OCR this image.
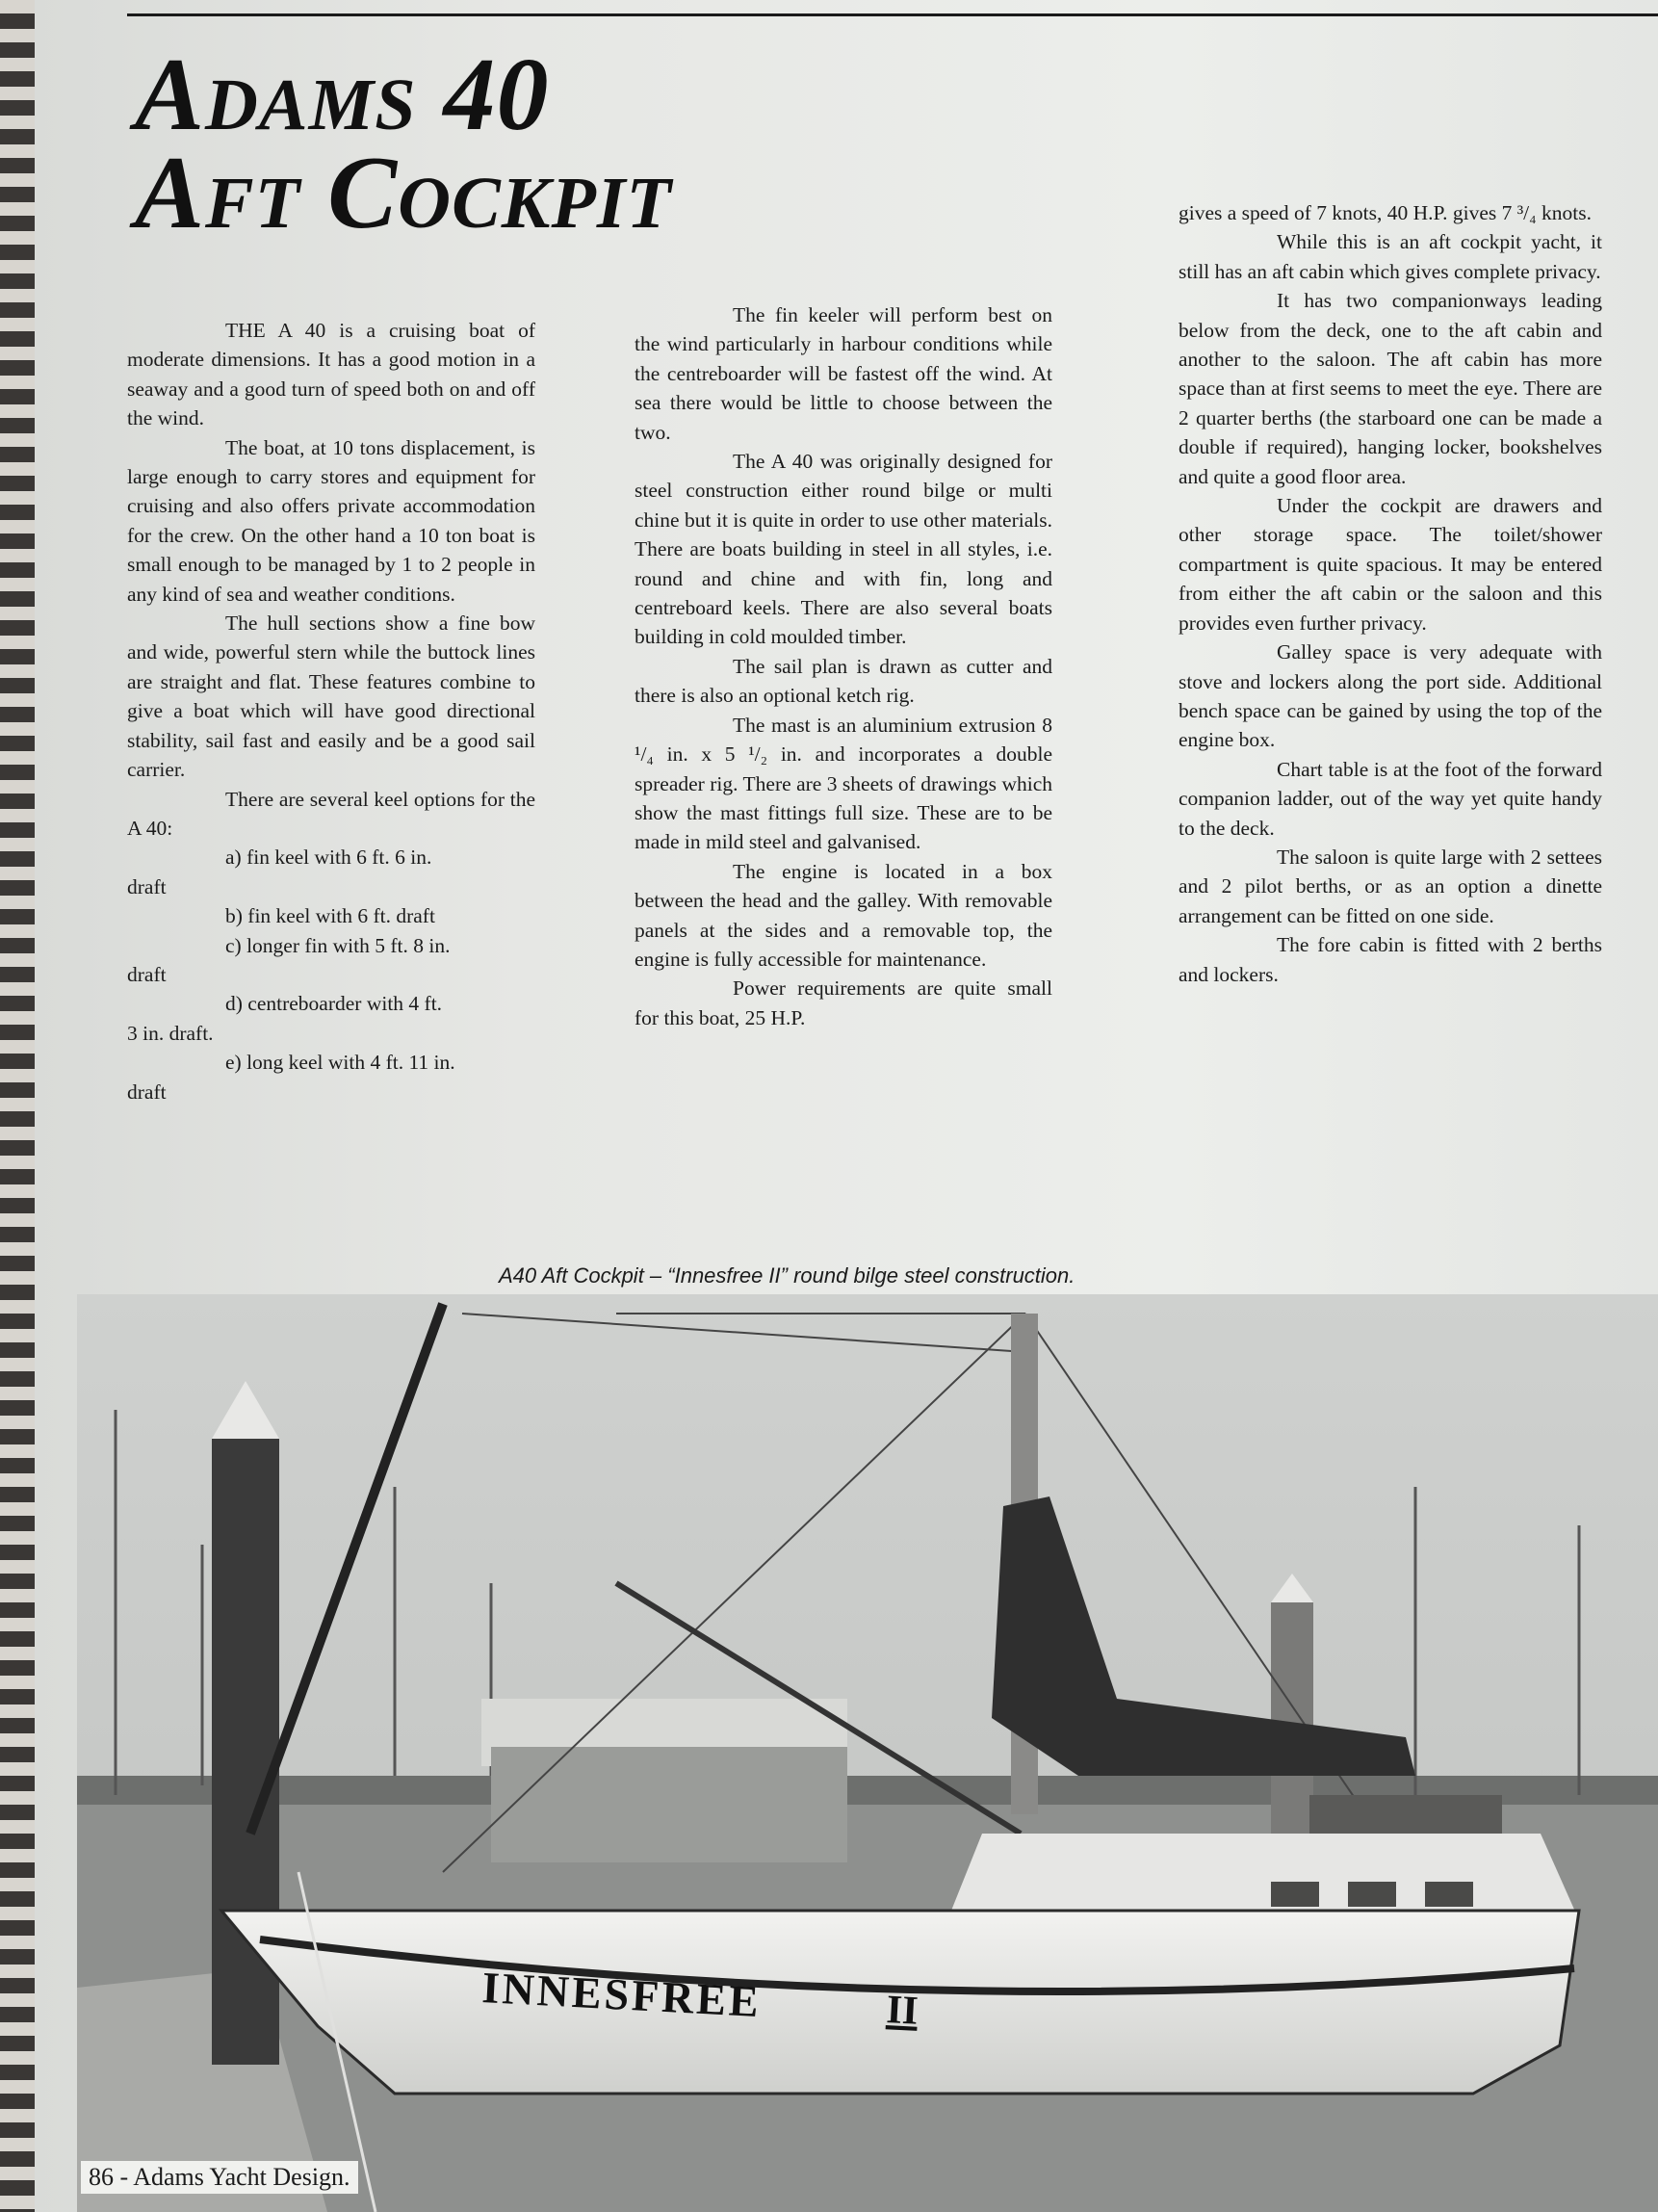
Adams 40
Aft Cockpit

THE A 40 is a cruising boat of moderate dimensions. It has a good motion in a seaway and a good turn of speed both on and off the wind.

The boat, at 10 tons displacement, is large enough to carry stores and equipment for cruising and also offers private accommodation for the crew. On the other hand a 10 ton boat is small enough to be managed by 1 to 2 people in any kind of sea and weather conditions.

The hull sections show a fine bow and wide, powerful stern while the buttock lines are straight and flat. These features combine to give a boat which will have good directional stability, sail fast and easily and be a good sail carrier.

There are several keel options for the A 40:

a) fin keel with 6 ft. 6 in.

draft

b) fin keel with 6 ft. draft

c) longer fin with 5 ft. 8 in.

draft

d) centreboarder with 4 ft.

3 in. draft.

e) long keel with 4 ft. 11 in.

draft

The fin keeler will perform best on the wind particularly in harbour conditions while the centreboarder will be fastest off the wind. At sea there would be little to choose between the two.

The A 40 was originally designed for steel construction either round bilge or multi chine but it is quite in order to use other materials. There are boats building in steel in all styles, i.e. round and chine and with fin, long and centreboard keels. There are also several boats building in cold moulded timber.

The sail plan is drawn as cutter and there is also an optional ketch rig.

The mast is an aluminium extrusion 8 ¹/₄ in. x 5 ¹/₂ in. and incorporates a double spreader rig. There are 3 sheets of drawings which show the mast fittings full size. These are to be made in mild steel and galvanised.

The engine is located in a box between the head and the galley. With removable panels at the sides and a removable top, the engine is fully accessible for maintenance.

Power requirements are quite small for this boat, 25 H.P.

gives a speed of 7 knots, 40 H.P. gives 7 ³/₄ knots.

While this is an aft cockpit yacht, it still has an aft cabin which gives complete privacy.

It has two companionways leading below from the deck, one to the aft cabin and another to the saloon. The aft cabin has more space than at first seems to meet the eye. There are 2 quarter berths (the starboard one can be made a double if required), hanging locker, bookshelves and quite a good floor area.

Under the cockpit are drawers and other storage space. The toilet/shower compartment is quite spacious. It may be entered from either the aft cabin or the saloon and this provides even further privacy.

Galley space is very adequate with stove and lockers along the port side. Additional bench space can be gained by using the top of the engine box.

Chart table is at the foot of the forward companion ladder, out of the way yet quite handy to the deck.

The saloon is quite large with 2 settees and 2 pilot berths, or as an option a dinette arrangement can be fitted on one side.

The fore cabin is fitted with 2 berths and lockers.

A40 Aft Cockpit – “Innesfree II” round bilge steel construction.
INNESFREE	II
86 - Adams Yacht Design.
